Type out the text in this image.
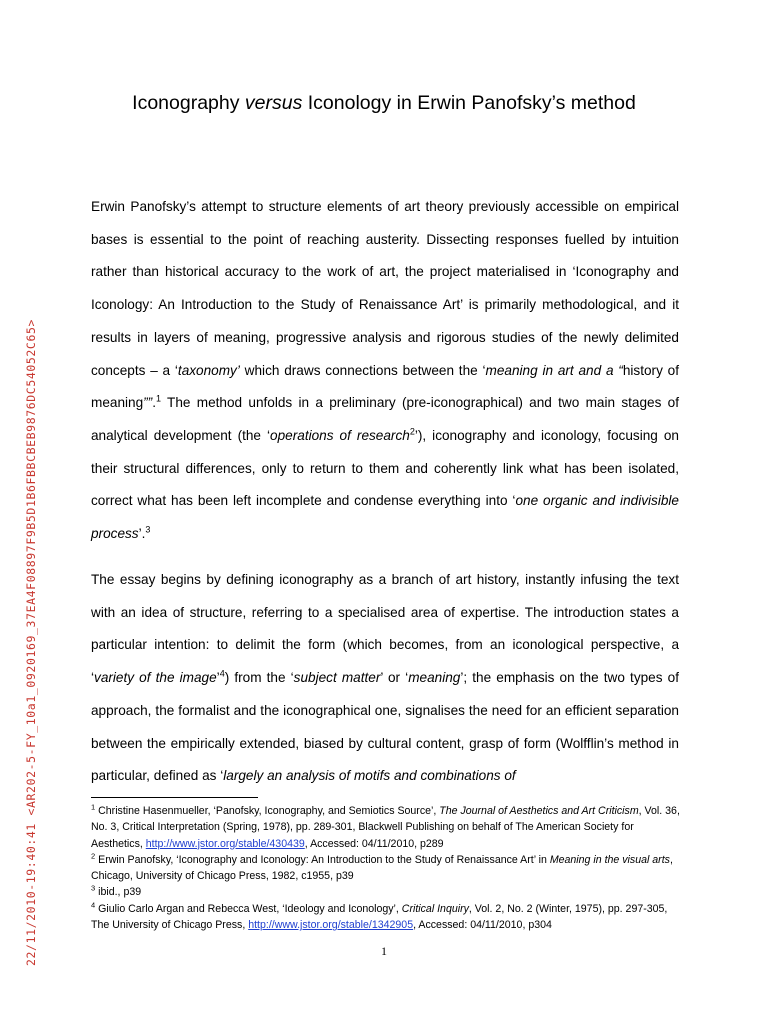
22/11/2010-19:40:41 <AR202-5-FY_10a1_0920169_37EA4F08897F9B5D1B6FBBCBEB9876DC54052C65>
Iconography versus Iconology in Erwin Panofsky’s method

Erwin Panofsky’s attempt to structure elements of art theory previously accessible on empirical bases is essential to the point of reaching austerity. Dissecting responses fuelled by intuition rather than historical accuracy to the work of art, the project materialised in ‘Iconography and Iconology: An Introduction to the Study of Renaissance Art’ is primarily methodological, and it results in layers of meaning, progressive analysis and rigorous studies of the newly delimited concepts – a ‘taxonomy’ which draws connections between the ‘meaning in art and a “history of meaning””.$^1$ The method unfolds in a preliminary (pre-iconographical) and two main stages of analytical development (the ‘operations of research$^2$’), iconography and iconology, focusing on their structural differences, only to return to them and coherently link what has been isolated, correct what has been left incomplete and condense everything into ‘one organic and indivisible process’.$^3$

The essay begins by defining iconography as a branch of art history, instantly infusing the text with an idea of structure, referring to a specialised area of expertise. The introduction states a particular intention: to delimit the form (which becomes, from an iconological perspective, a ‘variety of the image’$^4$) from the ‘subject matter’ or ‘meaning’; the emphasis on the two types of approach, the formalist and the iconographical one, signalises the need for an efficient separation between the empirically extended, biased by cultural content, grasp of form (Wolfflin’s method in particular, defined as ‘largely an analysis of motifs and combinations of

$^1$ Christine Hasenmueller, ‘Panofsky, Iconography, and Semiotics Source’, The Journal of Aesthetics and Art Criticism, Vol. 36, No. 3, Critical Interpretation (Spring, 1978), pp. 289-301, Blackwell Publishing on behalf of The American Society for Aesthetics, http://www.jstor.org/stable/430439, Accessed: 04/11/2010, p289

$^2$ Erwin Panofsky, ‘Iconography and Iconology: An Introduction to the Study of Renaissance Art’ in Meaning in the visual arts, Chicago, University of Chicago Press, 1982, c1955, p39

$^3$ ibid., p39

$^4$ Giulio Carlo Argan and Rebecca West, ‘Ideology and Iconology’, Critical Inquiry, Vol. 2, No. 2 (Winter, 1975), pp. 297-305, The University of Chicago Press, http://www.jstor.org/stable/1342905, Accessed: 04/11/2010, p304

1
